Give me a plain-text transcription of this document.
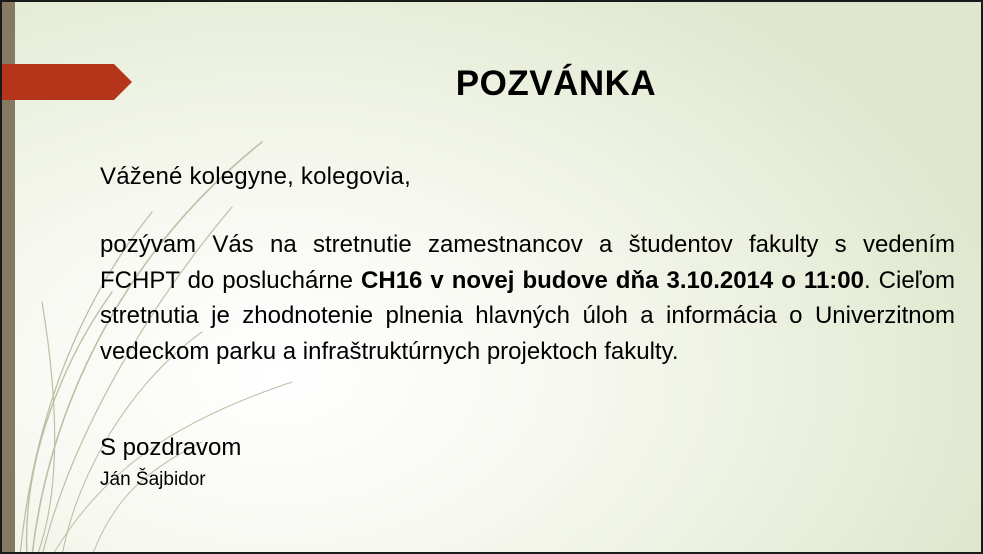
POZVÁNKA
Vážené kolegyne, kolegovia,
pozývam Vás na stretnutie zamestnancov a študentov fakulty s vedením FCHPT do posluchárne CH16 v novej budove dňa 3.10.2014 o 11:00. Cieľom stretnutia je zhodnotenie plnenia hlavných úloh a informácia o Univerzitnom vedeckom parku a infraštruktúrnych projektoch fakulty.
S pozdravom
Ján Šajbidor
